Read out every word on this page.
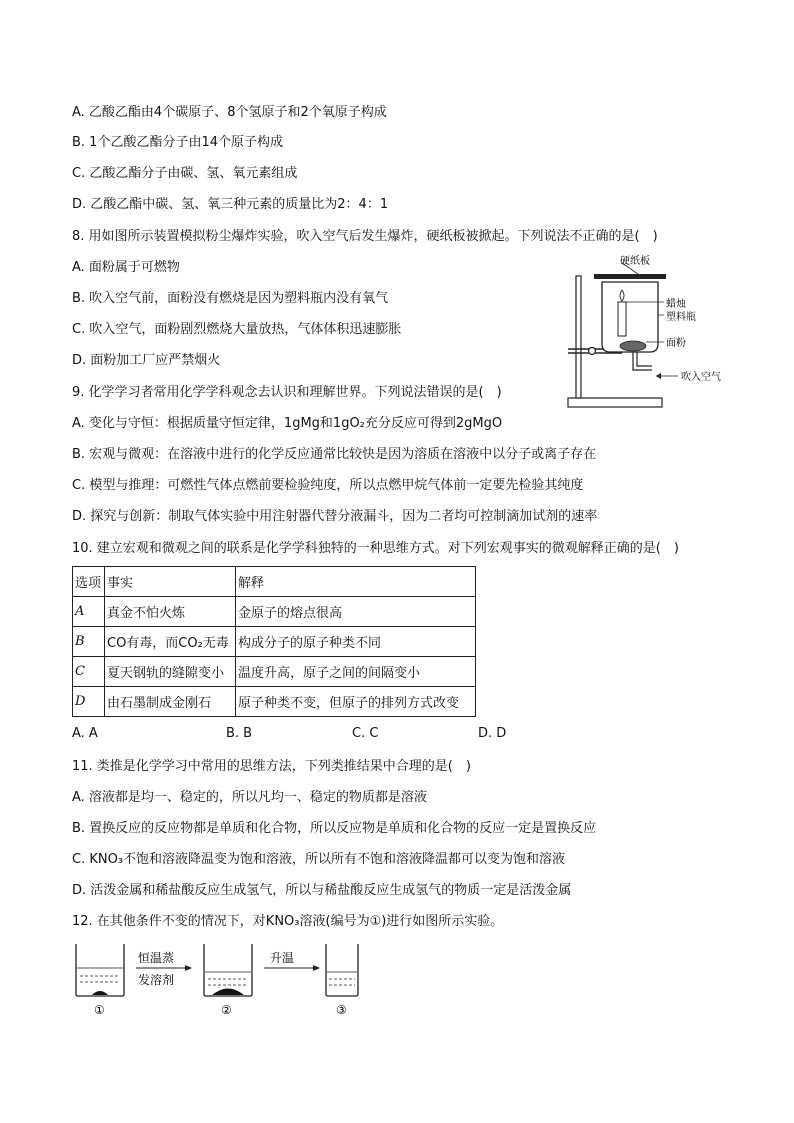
A. 乙酸乙酯由4个碳原子、8个氢原子和2个氧原子构成
B. 1个乙酸乙酯分子由14个原子构成
C. 乙酸乙酯分子由碳、氢、氧元素组成
D. 乙酸乙酯中碳、氢、氧三种元素的质量比为2：4：1
8. 用如图所示装置模拟粉尘爆炸实验，吹入空气后发生爆炸，硬纸板被掀起。下列说法不正确的是(　)
A. 面粉属于可燃物
B. 吹入空气前，面粉没有燃烧是因为塑料瓶内没有氧气
C. 吹入空气，面粉剧烈燃烧大量放热，气体体积迅速膨胀
D. 面粉加工厂应严禁烟火
硬纸板
蜡烛
塑料瓶
面粉
吹入空气
9. 化学学习者常用化学学科观念去认识和理解世界。下列说法错误的是(　)
A. 变化与守恒：根据质量守恒定律，1gMg和1gO₂充分反应可得到2gMgO
B. 宏观与微观：在溶液中进行的化学反应通常比较快是因为溶质在溶液中以分子或离子存在
C. 模型与推理：可燃性气体点燃前要检验纯度，所以点燃甲烷气体前一定要先检验其纯度
D. 探究与创新：制取气体实验中用注射器代替分液漏斗，因为二者均可控制滴加试剂的速率
10. 建立宏观和微观之间的联系是化学学科独特的一种思维方式。对下列宏观事实的微观解释正确的是(　)
选项	事实	解释
A	真金不怕火炼	金原子的熔点很高
B	CO有毒，而CO₂无毒	构成分子的原子种类不同
C	夏天钢轨的缝隙变小	温度升高，原子之间的间隔变小
D	由石墨制成金刚石	原子种类不变，但原子的排列方式改变
A. A	B. B	C. C	D. D
11. 类推是化学学习中常用的思维方法，下列类推结果中合理的是(　)
A. 溶液都是均一、稳定的，所以凡均一、稳定的物质都是溶液
B. 置换反应的反应物都是单质和化合物，所以反应物是单质和化合物的反应一定是置换反应
C. KNO₃不饱和溶液降温变为饱和溶液，所以所有不饱和溶液降温都可以变为饱和溶液
D. 活泼金属和稀盐酸反应生成氢气，所以与稀盐酸反应生成氢气的物质一定是活泼金属
12. 在其他条件不变的情况下，对KNO₃溶液(编号为①)进行如图所示实验。
①
恒温蒸
发溶剂
②
升温
③
